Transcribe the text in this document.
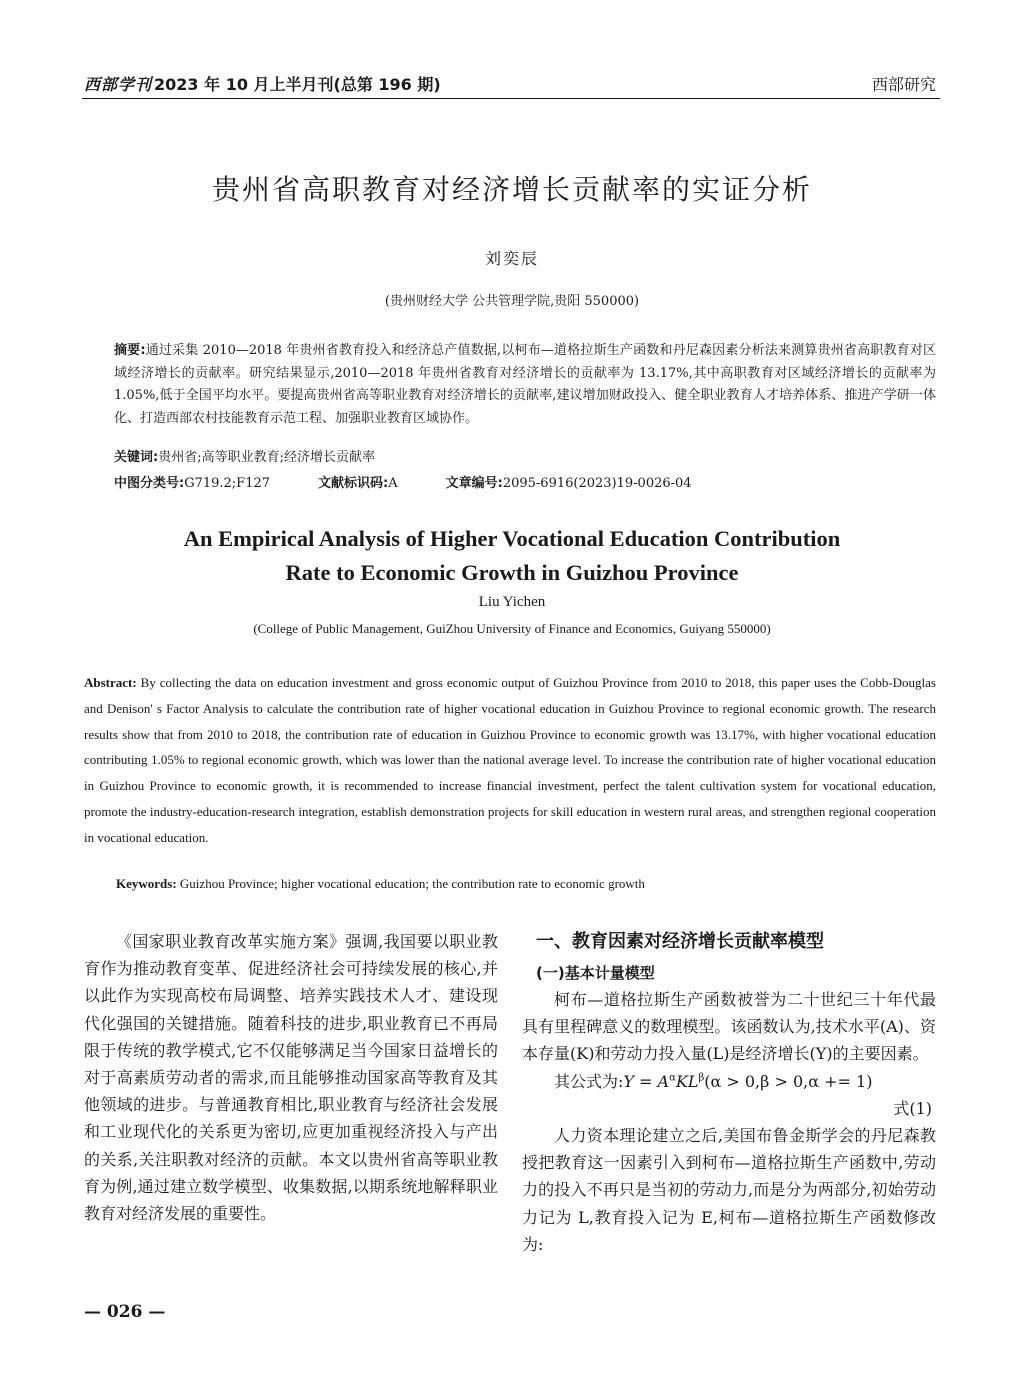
西部学刊 2023 年 10 月上半月刊(总第 196 期)	西部研究
贵州省高职教育对经济增长贡献率的实证分析
刘奕辰
(贵州财经大学 公共管理学院,贵阳 550000)
摘要:通过采集 2010—2018 年贵州省教育投入和经济总产值数据,以柯布—道格拉斯生产函数和丹尼森因素分析法来测算贵州省高职教育对区域经济增长的贡献率。研究结果显示,2010—2018 年贵州省教育对经济增长的贡献率为 13.17%,其中高职教育对区域经济增长的贡献率为 1.05%,低于全国平均水平。要提高贵州省高等职业教育对经济增长的贡献率,建议增加财政投入、健全职业教育人才培养体系、推进产学研一体化、打造西部农村技能教育示范工程、加强职业教育区域协作。
关键词:贵州省;高等职业教育;经济增长贡献率
中图分类号:G719.2;F127	文献标识码:A	文章编号:2095-6916(2023)19-0026-04
An Empirical Analysis of Higher Vocational Education Contribution
Rate to Economic Growth in Guizhou Province
Liu Yichen
(College of Public Management, GuiZhou University of Finance and Economics, Guiyang 550000)
Abstract: By collecting the data on education investment and gross economic output of Guizhou Province from 2010 to 2018, this paper uses the Cobb-Douglas and Denison' s Factor Analysis to calculate the contribution rate of higher vocational education in Guizhou Province to regional economic growth. The research results show that from 2010 to 2018, the contribution rate of education in Guizhou Province to economic growth was 13.17%, with higher vocational education contributing 1.05% to regional economic growth, which was lower than the national average level. To increase the contribution rate of higher vocational education in Guizhou Province to economic growth, it is recommended to increase financial investment, perfect the talent cultivation system for vocational education, promote the industry-education-research integration, establish demonstration projects for skill education in western rural areas, and strengthen regional cooperation in vocational education.
Keywords: Guizhou Province; higher vocational education; the contribution rate to economic growth

《国家职业教育改革实施方案》强调,我国要以职业教育作为推动教育变革、促进经济社会可持续发展的核心,并以此作为实现高校布局调整、培养实践技术人才、建设现代化强国的关键措施。随着科技的进步,职业教育已不再局限于传统的教学模式,它不仅能够满足当今国家日益增长的对于高素质劳动者的需求,而且能够推动国家高等教育及其他领域的进步。与普通教育相比,职业教育与经济社会发展和工业现代化的关系更为密切,应更加重视经济投入与产出的关系,关注职教对经济的贡献。本文以贵州省高等职业教育为例,通过建立数学模型、收集数据,以期系统地解释职业教育对经济发展的重要性。

一、教育因素对经济增长贡献率模型
(一)基本计量模型

柯布—道格拉斯生产函数被誉为二十世纪三十年代最具有里程碑意义的数理模型。该函数认为,技术水平(A)、资本存量(K)和劳动力投入量(L)是经济增长(Y)的主要因素。

其公式为:Y = $A^\alpha KL^\beta(\alpha > 0,\beta > 0,\alpha += 1)$
式(1)

人力资本理论建立之后,美国布鲁金斯学会的丹尼森教授把教育这一因素引入到柯布—道格拉斯生产函数中,劳动力的投入不再只是当初的劳动力,而是分为两部分,初始劳动力记为 L,教育投入记为 E,柯布—道格拉斯生产函数修改为:

— 026 —
